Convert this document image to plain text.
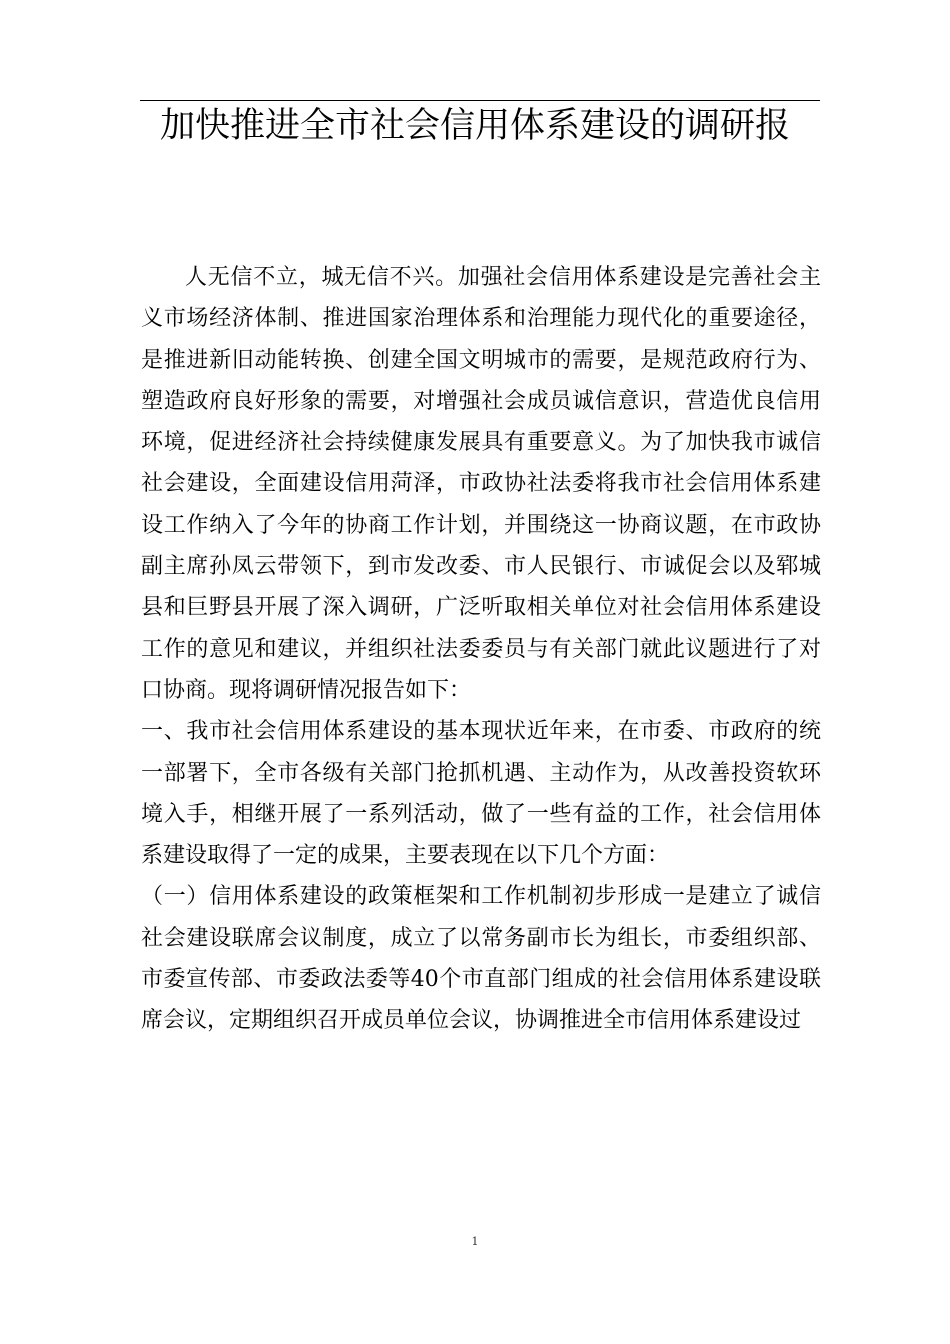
加快推进全市社会信用体系建设的调研报

人无信不立，城无信不兴。加强社会信用体系建设是完善社会主义市场经济体制、推进国家治理体系和治理能力现代化的重要途径，是推进新旧动能转换、创建全国文明城市的需要，是规范政府行为、塑造政府良好形象的需要，对增强社会成员诚信意识，营造优良信用环境，促进经济社会持续健康发展具有重要意义。为了加快我市诚信社会建设，全面建设信用菏泽，市政协社法委将我市社会信用体系建设工作纳入了今年的协商工作计划，并围绕这一协商议题，在市政协副主席孙凤云带领下，到市发改委、市人民银行、市诚促会以及郓城县和巨野县开展了深入调研，广泛听取相关单位对社会信用体系建设工作的意见和建议，并组织社法委委员与有关部门就此议题进行了对口协商。现将调研情况报告如下：

一、我市社会信用体系建设的基本现状近年来，在市委、市政府的统一部署下，全市各级有关部门抢抓机遇、主动作为，从改善投资软环境入手，相继开展了一系列活动，做了一些有益的工作，社会信用体系建设取得了一定的成果，主要表现在以下几个方面：

（一）信用体系建设的政策框架和工作机制初步形成一是建立了诚信社会建设联席会议制度，成立了以常务副市长为组长，市委组织部、市委宣传部、市委政法委等40个市直部门组成的社会信用体系建设联席会议，定期组织召开成员单位会议，协调推进全市信用体系建设过

1
